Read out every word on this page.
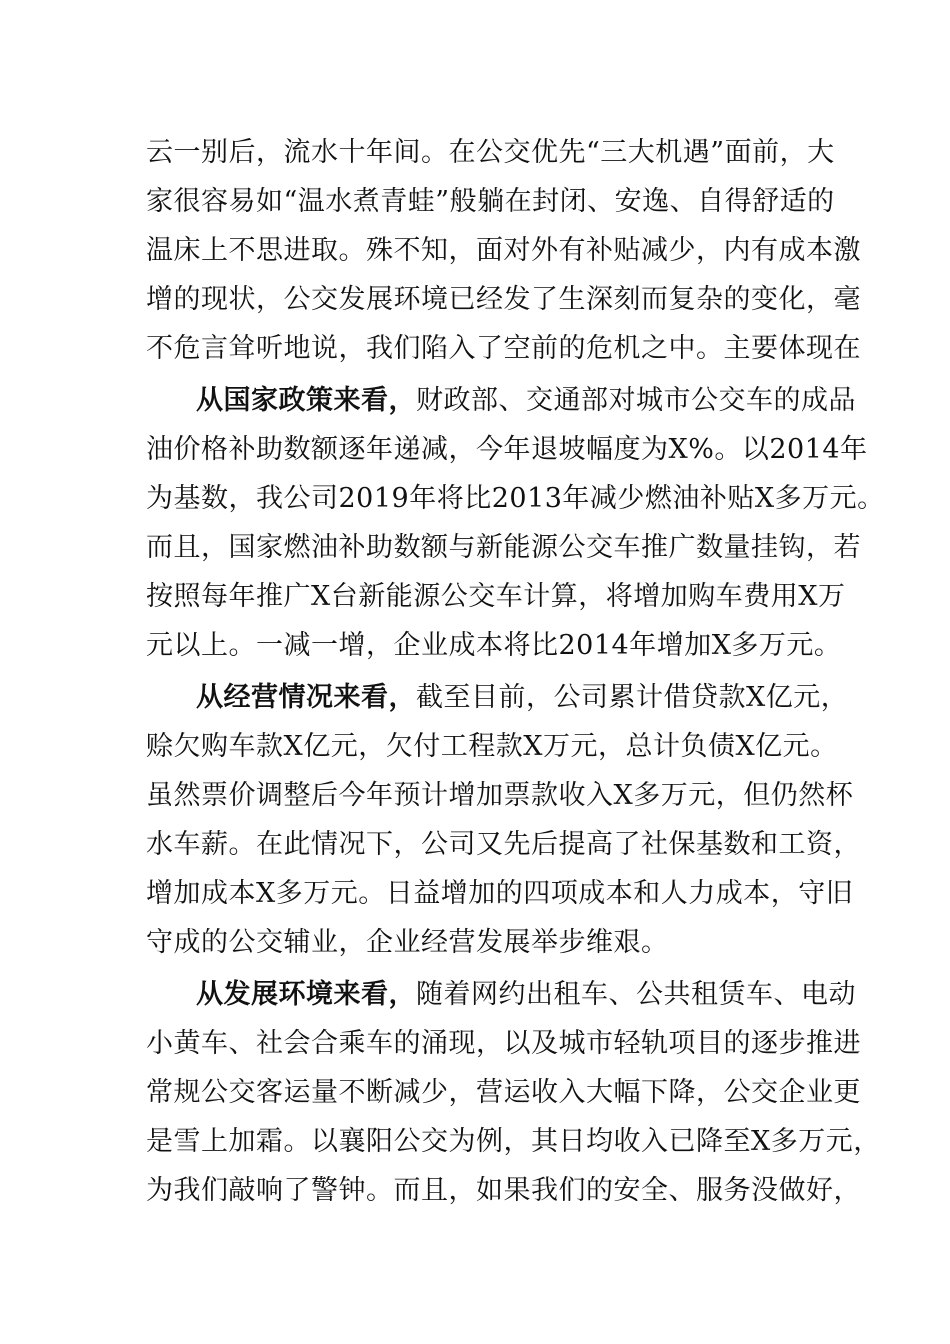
云一别后，流水十年间。在公交优先“三大机遇”面前，大
家很容易如“温水煮青蛙”般躺在封闭、安逸、自得舒适的
温床上不思进取。殊不知，面对外有补贴减少，内有成本激
增的现状，公交发展环境已经发了生深刻而复杂的变化，毫
不危言耸听地说，我们陷入了空前的危机之中。主要体现在
从国家政策来看，财政部、交通部对城市公交车的成品
油价格补助数额逐年递减，今年退坡幅度为X%。以2014年
为基数，我公司2019年将比2013年减少燃油补贴X多万元。
而且，国家燃油补助数额与新能源公交车推广数量挂钩，若
按照每年推广X台新能源公交车计算，将增加购车费用X万
元以上。一减一增，企业成本将比2014年增加X多万元。
从经营情况来看，截至目前，公司累计借贷款X亿元，
赊欠购车款X亿元，欠付工程款X万元，总计负债X亿元。
虽然票价调整后今年预计增加票款收入X多万元，但仍然杯
水车薪。在此情况下，公司又先后提高了社保基数和工资，
增加成本X多万元。日益增加的四项成本和人力成本，守旧
守成的公交辅业，企业经营发展举步维艰。
从发展环境来看，随着网约出租车、公共租赁车、电动
小黄车、社会合乘车的涌现，以及城市轻轨项目的逐步推进
常规公交客运量不断减少，营运收入大幅下降，公交企业更
是雪上加霜。以襄阳公交为例，其日均收入已降至X多万元，
为我们敲响了警钟。而且，如果我们的安全、服务没做好，
